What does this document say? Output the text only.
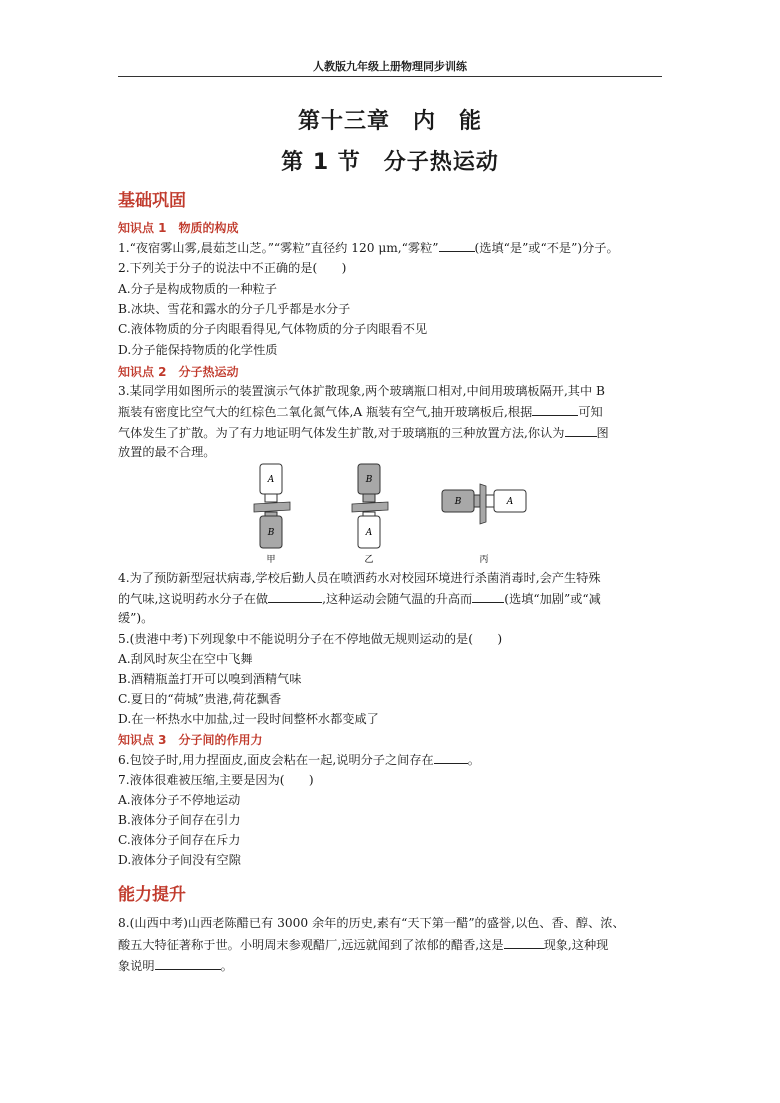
人教版九年级上册物理同步训练
第十三章　内　能
第 1 节　分子热运动
基础巩固
知识点 1　物质的构成
1.“夜宿雾山雾,晨茹芝山芝。”“雾粒”直径约 120 μm,“雾粒”	(选填“是”或“不是”)分子。
2.下列关于分子的说法中不正确的是(　　)
A.分子是构成物质的一种粒子
B.冰块、雪花和露水的分子几乎都是水分子
C.液体物质的分子肉眼看得见,气体物质的分子肉眼看不见
D.分子能保持物质的化学性质
知识点 2　分子热运动
3.某同学用如图所示的装置演示气体扩散现象,两个玻璃瓶口相对,中间用玻璃板隔开,其中 B
瓶装有密度比空气大的红棕色二氧化氮气体,A 瓶装有空气,抽开玻璃板后,根据	可知
气体发生了扩散。为了有力地证明气体发生扩散,对于玻璃瓶的三种放置方法,你认为	图
放置的最不合理。
A
B
甲
B
A
乙
B	A
丙
4.为了预防新型冠状病毒,学校后勤人员在喷洒药水对校园环境进行杀菌消毒时,会产生特殊
的气味,这说明药水分子在做	,这种运动会随气温的升高而	(选填“加剧”或“减
缓”)。
5.(贵港中考)下列现象中不能说明分子在不停地做无规则运动的是(　　)
A.刮风时灰尘在空中飞舞
B.酒精瓶盖打开可以嗅到酒精气味
C.夏日的“荷城”贵港,荷花飘香
D.在一杯热水中加盐,过一段时间整杯水都变咸了
知识点 3　分子间的作用力
6.包饺子时,用力捏面皮,面皮会粘在一起,说明分子之间存在	。
7.液体很难被压缩,主要是因为(　　)
A.液体分子不停地运动
B.液体分子间存在引力
C.液体分子间存在斥力
D.液体分子间没有空隙
能力提升
8.(山西中考)山西老陈醋已有 3000 余年的历史,素有“天下第一醋”的盛誉,以色、香、醇、浓、
酸五大特征著称于世。小明周末参观醋厂,远远就闻到了浓郁的醋香,这是	现象,这种现
象说明	。
